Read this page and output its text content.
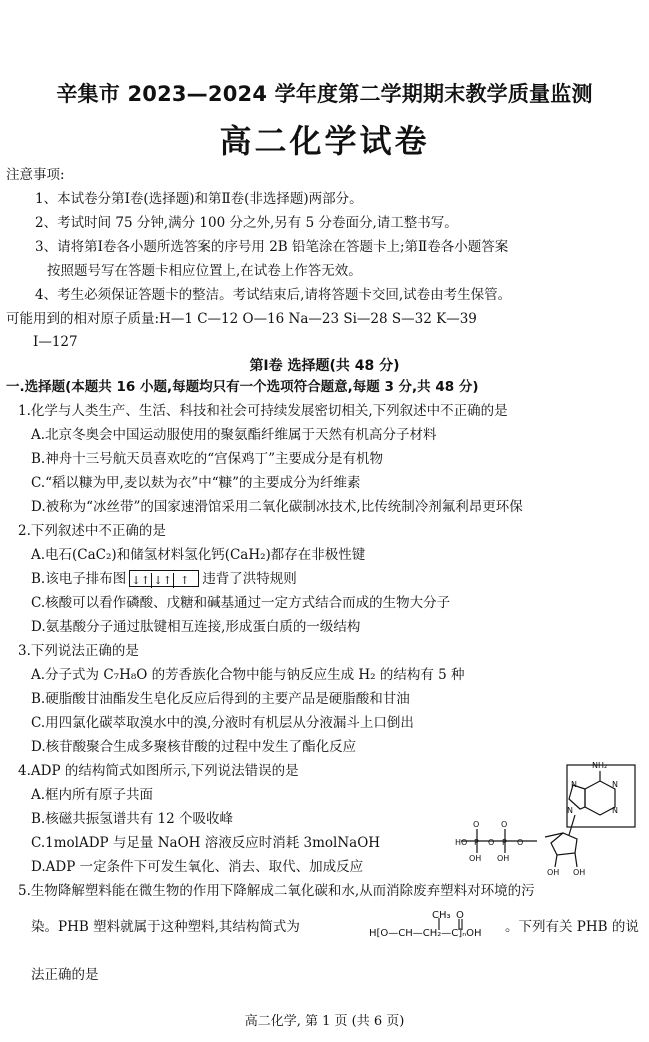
辛集市 2023—2024 学年度第二学期期末教学质量监测
高二化学试卷
注意事项:
1、本试卷分第Ⅰ卷(选择题)和第Ⅱ卷(非选择题)两部分。
2、考试时间 75 分钟,满分 100 分之外,另有 5 分卷面分,请工整书写。
3、请将第Ⅰ卷各小题所选答案的序号用 2B 铅笔涂在答题卡上;第Ⅱ卷各小题答案
按照题号写在答题卡相应位置上,在试卷上作答无效。
4、考生必须保证答题卡的整洁。考试结束后,请将答题卡交回,试卷由考生保管。
可能用到的相对原子质量:H—1 C—12 O—16 Na—23 Si—28 S—32 K—39
I—127
第Ⅰ卷 选择题(共 48 分)
一.选择题(本题共 16 小题,每题均只有一个选项符合题意,每题 3 分,共 48 分)
1.化学与人类生产、生活、科技和社会可持续发展密切相关,下列叙述中不正确的是
A.北京冬奥会中国运动服使用的聚氨酯纤维属于天然有机高分子材料
B.神舟十三号航天员喜欢吃的“宫保鸡丁”主要成分是有机物
C.“稻以糠为甲,麦以麸为衣”中“糠”的主要成分为纤维素
D.被称为“冰丝带”的国家速滑馆采用二氧化碳制冰技术,比传统制冷剂氟利昂更环保
2.下列叙述中不正确的是
A.电石(CaC₂)和储氢材料氢化钙(CaH₂)都存在非极性键
B.该电子排布图 ↓↑ ↓↑ ↑ 违背了洪特规则
C.核酸可以看作磷酸、戊糖和碱基通过一定方式结合而成的生物大分子
D.氨基酸分子通过肽键相互连接,形成蛋白质的一级结构
3.下列说法正确的是
A.分子式为 C₇H₈O 的芳香族化合物中能与钠反应生成 H₂ 的结构有 5 种
B.硬脂酸甘油酯发生皂化反应后得到的主要产品是硬脂酸和甘油
C.用四氯化碳萃取溴水中的溴,分液时有机层从分液漏斗上口倒出
D.核苷酸聚合生成多聚核苷酸的过程中发生了酯化反应
4.ADP 的结构简式如图所示,下列说法错误的是
A.框内所有原子共面
B.核磁共振氢谱共有 12 个吸收峰
C.1molADP 与足量 NaOH 溶液反应时消耗 3molNaOH
D.ADP 一定条件下可发生氧化、消去、取代、加成反应
NH₂
N	N
N
N
O	O
HO P O P O
OH OH
OH OH
5.生物降解塑料能在微生物的作用下降解成二氧化碳和水,从而消除废弃塑料对环境的污
染。PHB 塑料就属于这种塑料,其结构简式为
CH₃ O
H[O—CH—CH₂—C]ₙOH 。下列有关 PHB 的说
法正确的是
高二化学, 第 1 页 (共 6 页)
